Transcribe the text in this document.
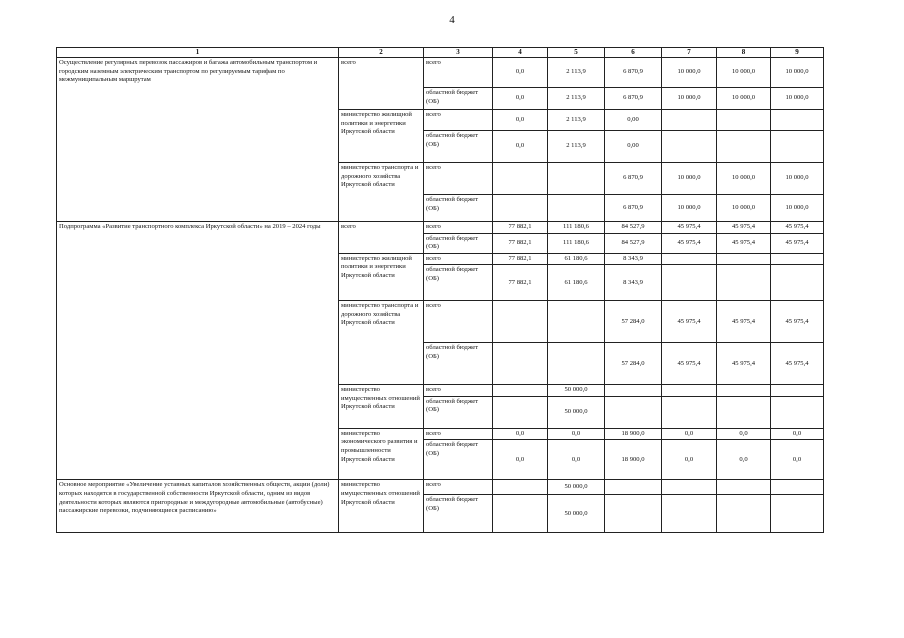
4
1	2	3	4	5	6	7	8	9
Осуществление регулярных перевозок пассажиров и багажа автомобильным транспортом и городским наземным электрическим транспортом по регулируемым тарифам по межмуниципальным маршрутам	всего	всего	0,0	2 113,9	6 870,9	10 000,0	10 000,0	10 000,0
		областной бюджет (ОБ)	0,0	2 113,9	6 870,9	10 000,0	10 000,0	10 000,0
	министерство жилищной политики и энергетики Иркутской области	всего	0,0	2 113,9	0,00			
		областной бюджет (ОБ)	0,0	2 113,9	0,00			
	министерство транспорта и дорожного хозяйства Иркутской области	всего			6 870,9	10 000,0	10 000,0	10 000,0
		областной бюджет (ОБ)			6 870,9	10 000,0	10 000,0	10 000,0
Подпрограмма «Развитие транспортного комплекса Иркутской области» на 2019 – 2024 годы	всего	всего	77 882,1	111 180,6	84 527,9	45 975,4	45 975,4	45 975,4
		областной бюджет (ОБ)	77 882,1	111 180,6	84 527,9	45 975,4	45 975,4	45 975,4
	министерство жилищной политики и энергетики Иркутской области	всего	77 882,1	61 180,6	8 343,9			
		областной бюджет (ОБ)	77 882,1	61 180,6	8 343,9			
	министерство транспорта и дорожного хозяйства Иркутской области	всего			57 284,0	45 975,4	45 975,4	45 975,4
		областной бюджет (ОБ)			57 284,0	45 975,4	45 975,4	45 975,4
	министерство имущественных отношений Иркутской области	всего		50 000,0				
		областной бюджет (ОБ)		50 000,0				
	министерство экономического развития и промышленности Иркутской области	всего	0,0	0,0	18 900,0	0,0	0,0	0,0
		областной бюджет (ОБ)	0,0	0,0	18 900,0	0,0	0,0	0,0
Основное мероприятие «Увеличение уставных капиталов хозяйственных обществ, акции (доли) которых находятся в государственной собственности Иркутской области, одним из видов деятельности которых являются пригородные и междугородные автомобильные (автобусные) пассажирские перевозки, подчиняющиеся расписанию»	министерство имущественных отношений Иркутской области	всего		50 000,0				
		областной бюджет (ОБ)		50 000,0				
